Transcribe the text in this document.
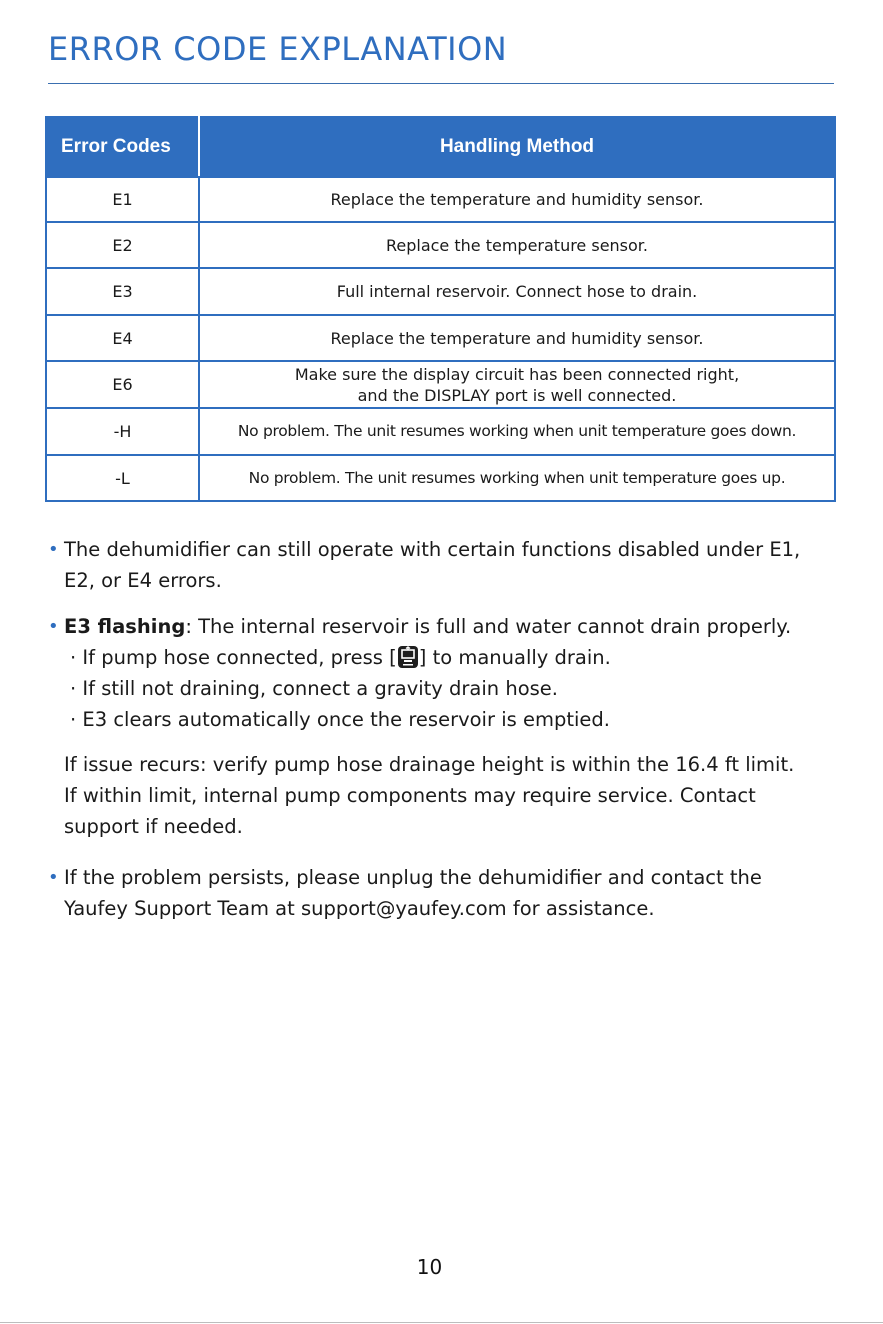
ERROR CODE EXPLANATION
Error Codes	Handling Method
E1	Replace the temperature and humidity sensor.
E2	Replace the temperature sensor.
E3	Full internal reservoir. Connect hose to drain.
E4	Replace the temperature and humidity sensor.
E6	Make sure the display circuit has been connected right,
and the DISPLAY port is well connected.
-H	No problem. The unit resumes working when unit temperature goes down.
-L	No problem. The unit resumes working when unit temperature goes up.
• The dehumidifier can still operate with certain functions disabled under E1,
E2, or E4 errors.
• E3 flashing: The internal reservoir is full and water cannot drain properly.
· If pump hose connected, press [ ] to manually drain.
· If still not draining, connect a gravity drain hose.
· E3 clears automatically once the reservoir is emptied.
If issue recurs: verify pump hose drainage height is within the 16.4 ft limit.
If within limit, internal pump components may require service. Contact
support if needed.
• If the problem persists, please unplug the dehumidifier and contact the
Yaufey Support Team at support@yaufey.com for assistance.
10
